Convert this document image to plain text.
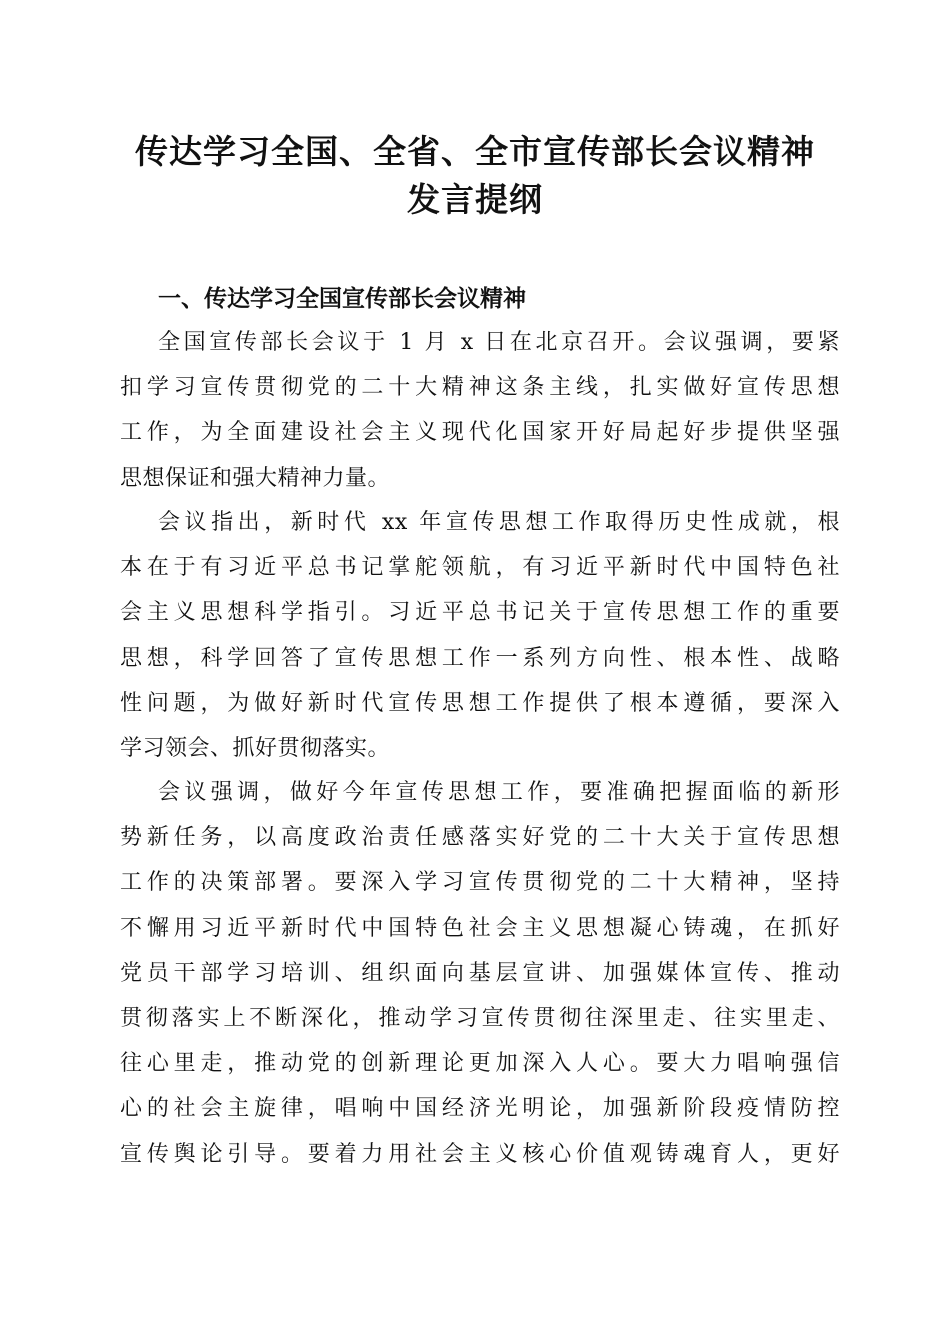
传达学习全国、全省、全市宣传部长会议精神
发言提纲
一、传达学习全国宣传部长会议精神
全国宣传部长会议于 1 月 x 日在北京召开。会议强调，要紧
扣学习宣传贯彻党的二十大精神这条主线，扎实做好宣传思想
工作，为全面建设社会主义现代化国家开好局起好步提供坚强
思想保证和强大精神力量。
会议指出，新时代 xx 年宣传思想工作取得历史性成就，根
本在于有习近平总书记掌舵领航，有习近平新时代中国特色社
会主义思想科学指引。习近平总书记关于宣传思想工作的重要
思想，科学回答了宣传思想工作一系列方向性、根本性、战略
性问题，为做好新时代宣传思想工作提供了根本遵循，要深入
学习领会、抓好贯彻落实。
会议强调，做好今年宣传思想工作，要准确把握面临的新形
势新任务，以高度政治责任感落实好党的二十大关于宣传思想
工作的决策部署。要深入学习宣传贯彻党的二十大精神，坚持
不懈用习近平新时代中国特色社会主义思想凝心铸魂，在抓好
党员干部学习培训、组织面向基层宣讲、加强媒体宣传、推动
贯彻落实上不断深化，推动学习宣传贯彻往深里走、往实里走、
往心里走，推动党的创新理论更加深入人心。要大力唱响强信
心的社会主旋律，唱响中国经济光明论，加强新阶段疫情防控
宣传舆论引导。要着力用社会主义核心价值观铸魂育人，更好
